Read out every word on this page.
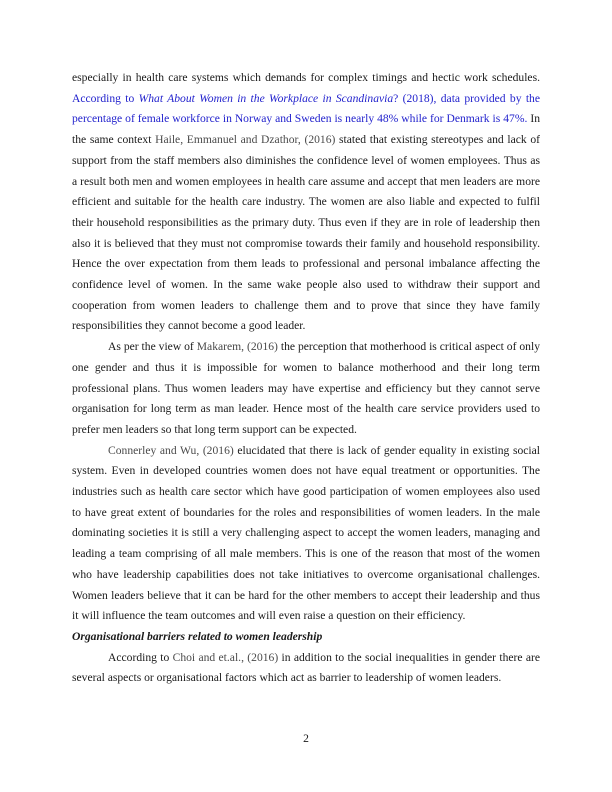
especially in health care systems which demands for complex timings and hectic work schedules. According to What About Women in the Workplace in Scandinavia? (2018), data provided by the percentage of female workforce in Norway and Sweden is nearly 48% while for Denmark is 47%. In the same context Haile, Emmanuel and Dzathor, (2016) stated that existing stereotypes and lack of support from the staff members also diminishes the confidence level of women employees. Thus as a result both men and women employees in health care assume and accept that men leaders are more efficient and suitable for the health care industry. The women are also liable and expected to fulfil their household responsibilities as the primary duty. Thus even if they are in role of leadership then also it is believed that they must not compromise towards their family and household responsibility. Hence the over expectation from them leads to professional and personal imbalance affecting the confidence level of women. In the same wake people also used to withdraw their support and cooperation from women leaders to challenge them and to prove that since they have family responsibilities they cannot become a good leader.

As per the view of Makarem, (2016) the perception that motherhood is critical aspect of only one gender and thus it is impossible for women to balance motherhood and their long term professional plans. Thus women leaders may have expertise and efficiency but they cannot serve organisation for long term as man leader. Hence most of the health care service providers used to prefer men leaders so that long term support can be expected.

Connerley and Wu, (2016) elucidated that there is lack of gender equality in existing social system. Even in developed countries women does not have equal treatment or opportunities. The industries such as health care sector which have good participation of women employees also used to have great extent of boundaries for the roles and responsibilities of women leaders. In the male dominating societies it is still a very challenging aspect to accept the women leaders, managing and leading a team comprising of all male members. This is one of the reason that most of the women who have leadership capabilities does not take initiatives to overcome organisational challenges. Women leaders believe that it can be hard for the other members to accept their leadership and thus it will influence the team outcomes and will even raise a question on their efficiency.

Organisational barriers related to women leadership

According to Choi and et.al., (2016) in addition to the social inequalities in gender there are several aspects or organisational factors which act as barrier to leadership of women leaders.

2
